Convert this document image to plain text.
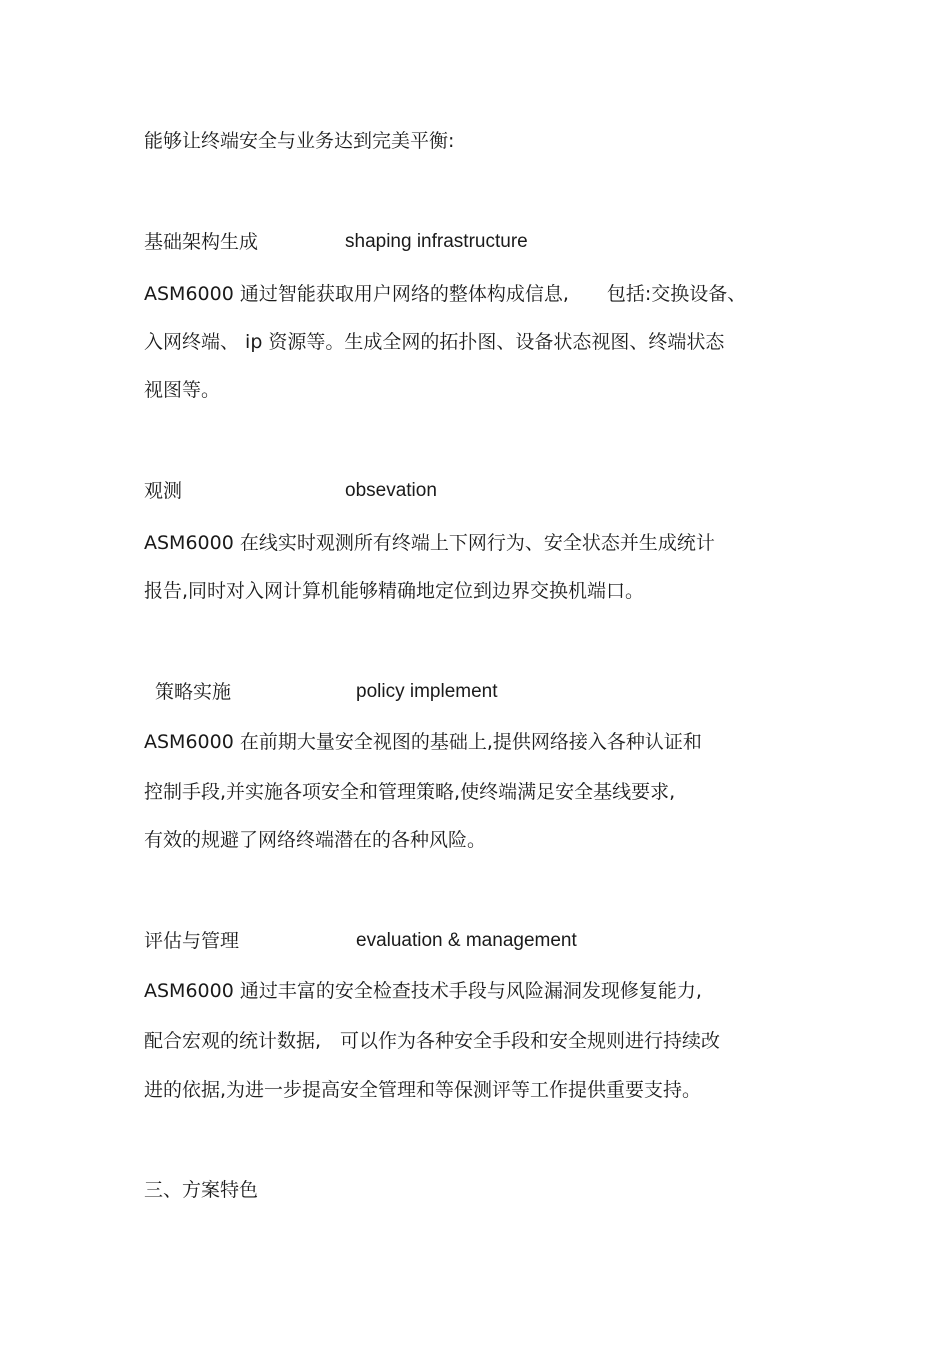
能够让终端安全与业务达到完美平衡:
基础架构生成	shaping infrastructure
ASM6000 通过智能获取用户网络的整体构成信息,　　包括:交换设备、
入网终端、 ip 资源等。生成全网的拓扑图、设备状态视图、终端状态
视图等。
观测	obsevation
ASM6000 在线实时观测所有终端上下网行为、安全状态并生成统计
报告,同时对入网计算机能够精确地定位到边界交换机端口。
策略实施	policy implement
ASM6000 在前期大量安全视图的基础上,提供网络接入各种认证和
控制手段,并实施各项安全和管理策略,使终端满足安全基线要求,
有效的规避了网络终端潜在的各种风险。
评估与管理	evaluation & management
ASM6000 通过丰富的安全检查技术手段与风险漏洞发现修复能力,
配合宏观的统计数据,　可以作为各种安全手段和安全规则进行持续改
进的依据,为进一步提高安全管理和等保测评等工作提供重要支持。
三、方案特色
